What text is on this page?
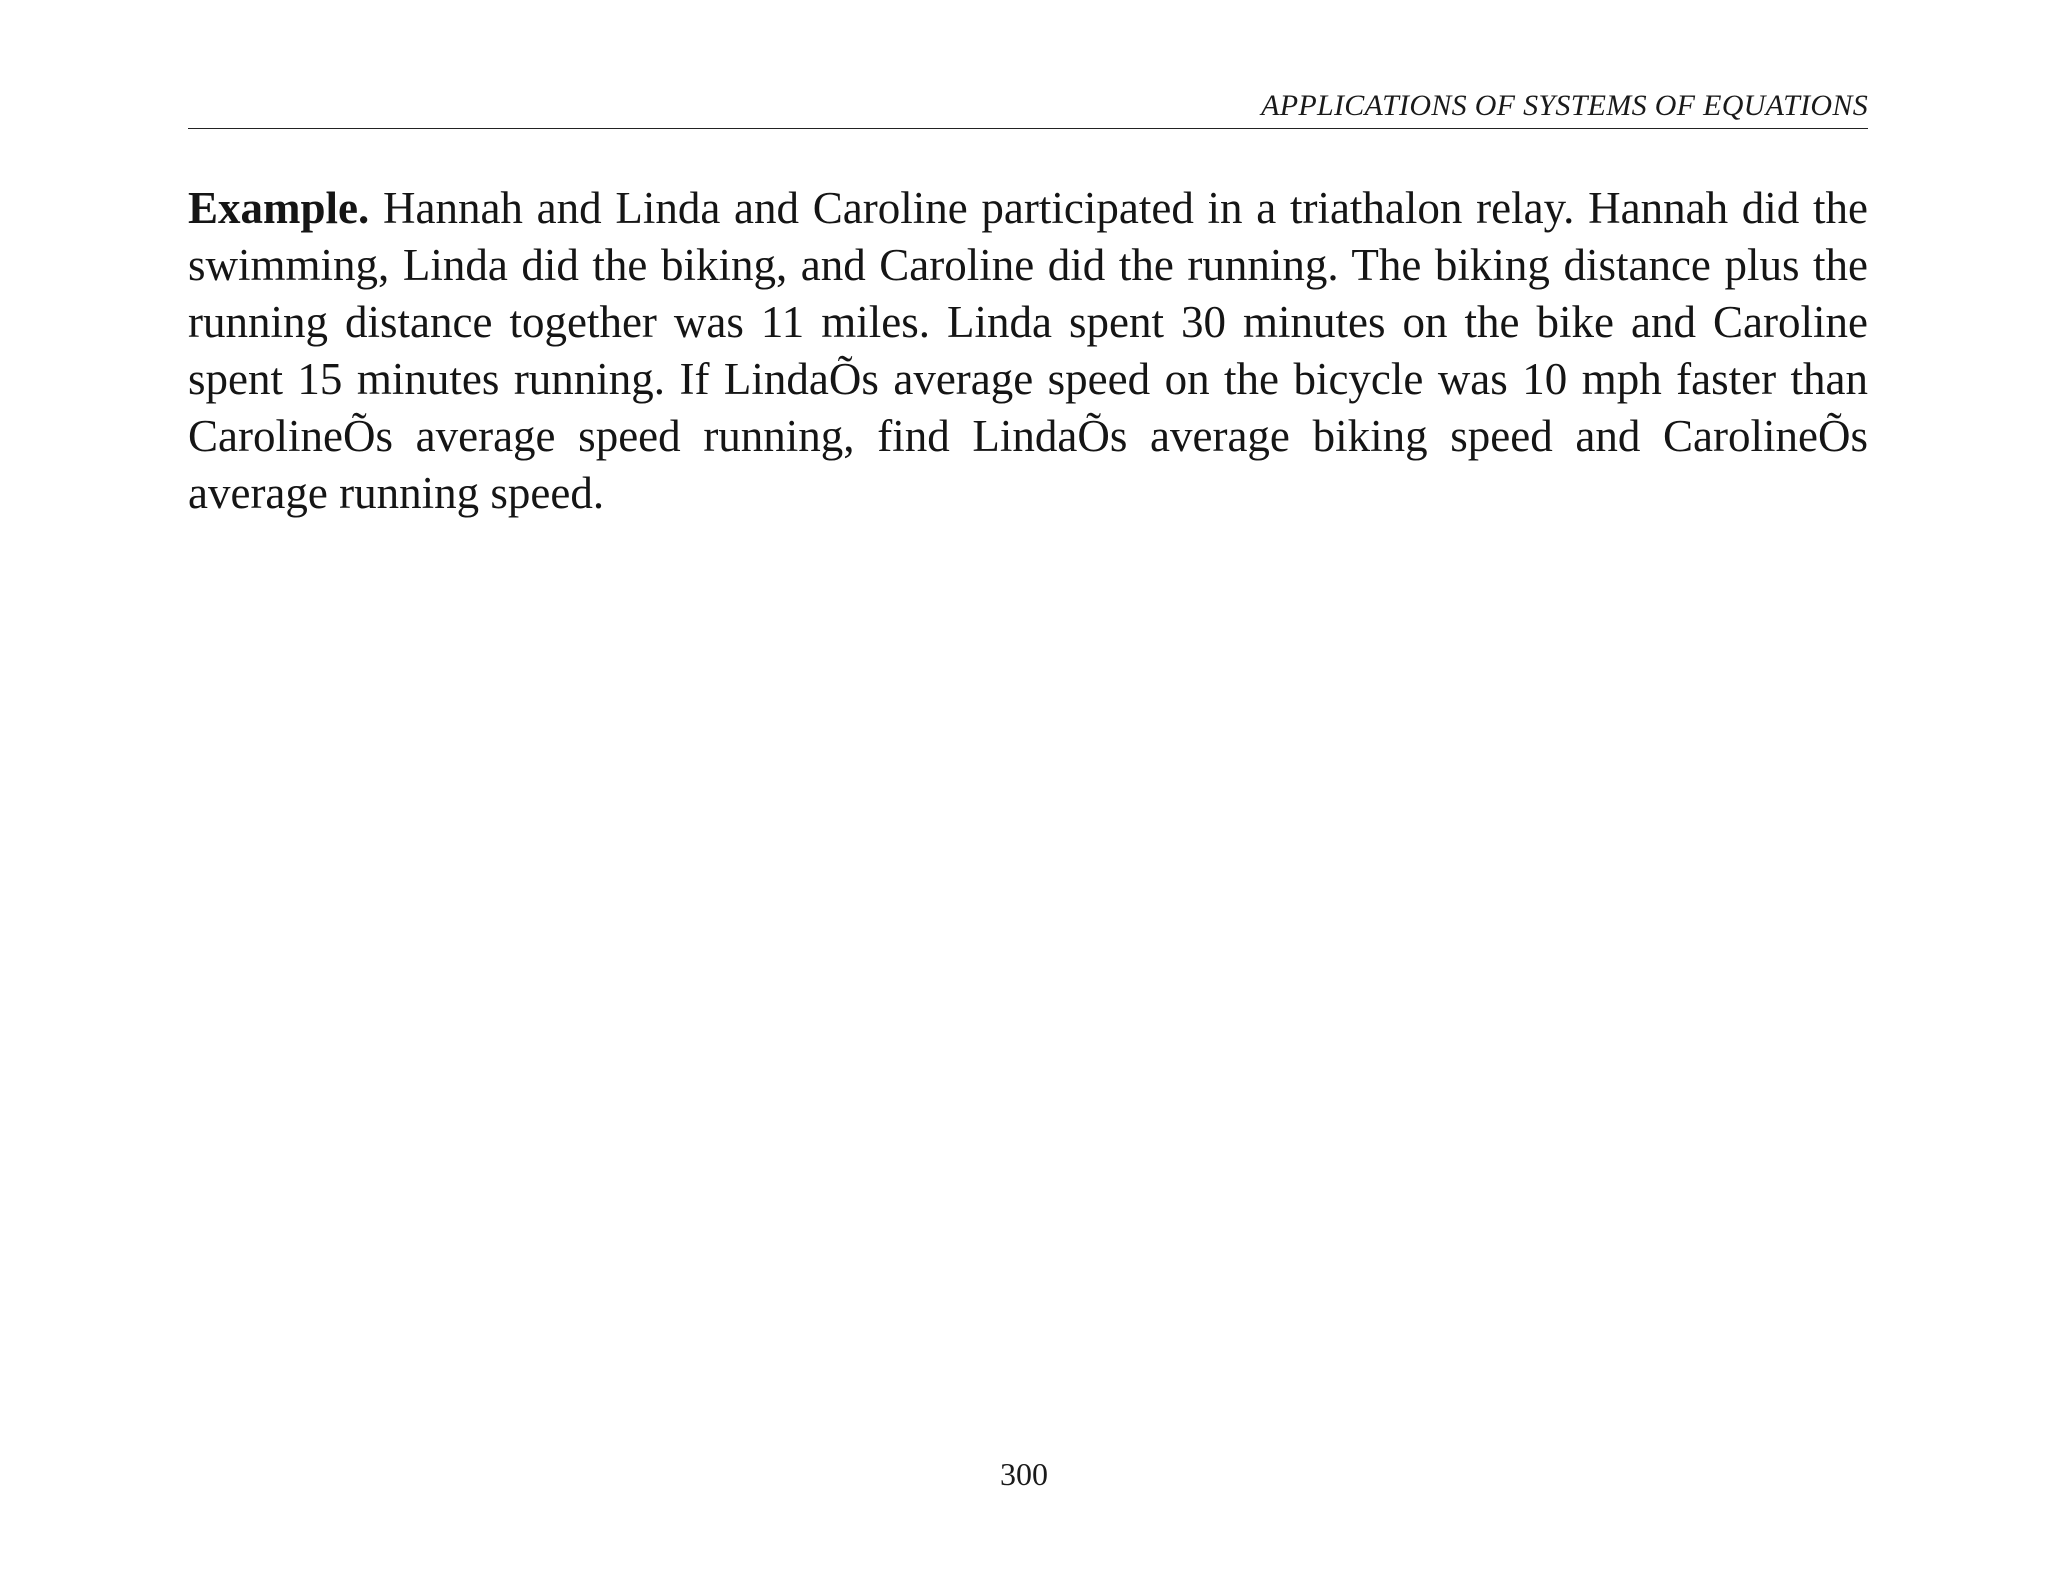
APPLICATIONS OF SYSTEMS OF EQUATIONS

Example. Hannah and Linda and Caroline participated in a triathalon relay. Hannah did the swimming, Linda did the biking, and Caroline did the running. The biking distance plus the running distance together was 11 miles. Linda spent 30 minutes on the bike and Caroline spent 15 minutes running. If LindaÕs average speed on the bicycle was 10 mph faster than CarolineÕs average speed running, find LindaÕs average biking speed and CarolineÕs average running speed.

300
